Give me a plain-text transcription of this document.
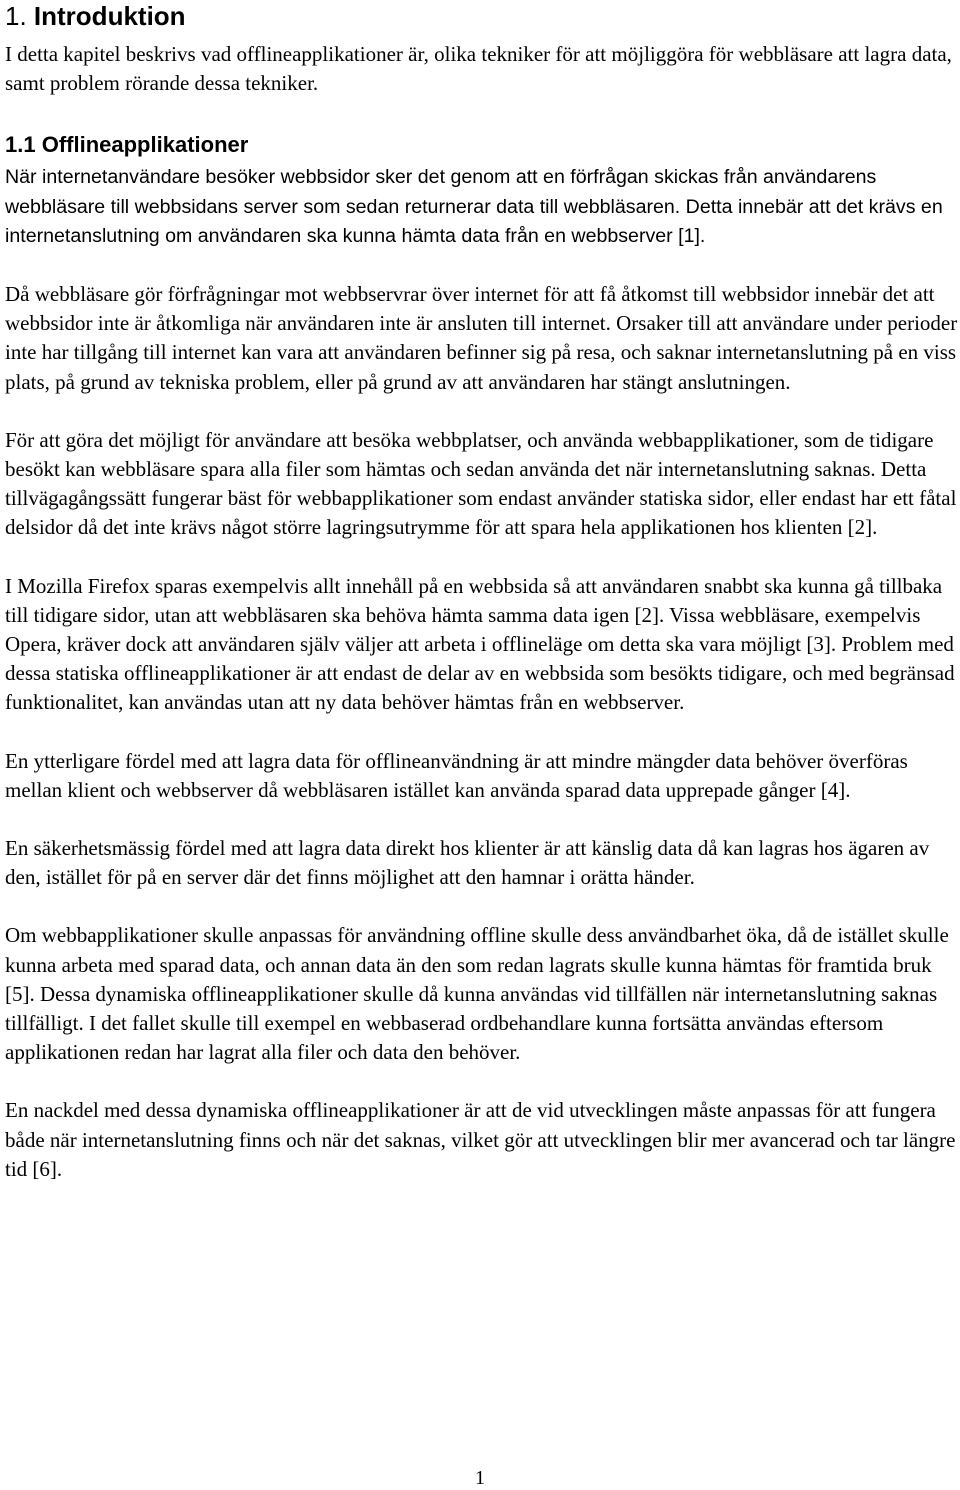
1. Introduktion

I detta kapitel beskrivs vad offlineapplikationer är, olika tekniker för att möjliggöra för webbläsare att lagra data, samt problem rörande dessa tekniker.

1.1 Offlineapplikationer

När internetanvändare besöker webbsidor sker det genom att en förfrågan skickas från användarens webbläsare till webbsidans server som sedan returnerar data till webbläsaren. Detta innebär att det krävs en internetanslutning om användaren ska kunna hämta data från en webbserver [1].

Då webbläsare gör förfrågningar mot webbservrar över internet för att få åtkomst till webbsidor innebär det att webbsidor inte är åtkomliga när användaren inte är ansluten till internet. Orsaker till att användare under perioder inte har tillgång till internet kan vara att användaren befinner sig på resa, och saknar internetanslutning på en viss plats, på grund av tekniska problem, eller på grund av att användaren har stängt anslutningen.

För att göra det möjligt för användare att besöka webbplatser, och använda webbapplikationer, som de tidigare besökt kan webbläsare spara alla filer som hämtas och sedan använda det när internetanslutning saknas. Detta tillvägagångssätt fungerar bäst för webbapplikationer som endast använder statiska sidor, eller endast har ett fåtal delsidor då det inte krävs något större lagringsutrymme för att spara hela applikationen hos klienten [2].

I Mozilla Firefox sparas exempelvis allt innehåll på en webbsida så att användaren snabbt ska kunna gå tillbaka till tidigare sidor, utan att webbläsaren ska behöva hämta samma data igen [2]. Vissa webbläsare, exempelvis Opera, kräver dock att användaren själv väljer att arbeta i offlineläge om detta ska vara möjligt [3]. Problem med dessa statiska offlineapplikationer är att endast de delar av en webbsida som besökts tidigare, och med begränsad funktionalitet, kan användas utan att ny data behöver hämtas från en webbserver.

En ytterligare fördel med att lagra data för offlineanvändning är att mindre mängder data behöver överföras mellan klient och webbserver då webbläsaren istället kan använda sparad data upprepade gånger [4].

En säkerhetsmässig fördel med att lagra data direkt hos klienter är att känslig data då kan lagras hos ägaren av den, istället för på en server där det finns möjlighet att den hamnar i orätta händer.

Om webbapplikationer skulle anpassas för användning offline skulle dess användbarhet öka, då de istället skulle kunna arbeta med sparad data, och annan data än den som redan lagrats skulle kunna hämtas för framtida bruk [5]. Dessa dynamiska offlineapplikationer skulle då kunna användas vid tillfällen när internetanslutning saknas tillfälligt. I det fallet skulle till exempel en webbaserad ordbehandlare kunna fortsätta användas eftersom applikationen redan har lagrat alla filer och data den behöver.

En nackdel med dessa dynamiska offlineapplikationer är att de vid utvecklingen måste anpassas för att fungera både när internetanslutning finns och när det saknas, vilket gör att utvecklingen blir mer avancerad och tar längre tid [6].

1
